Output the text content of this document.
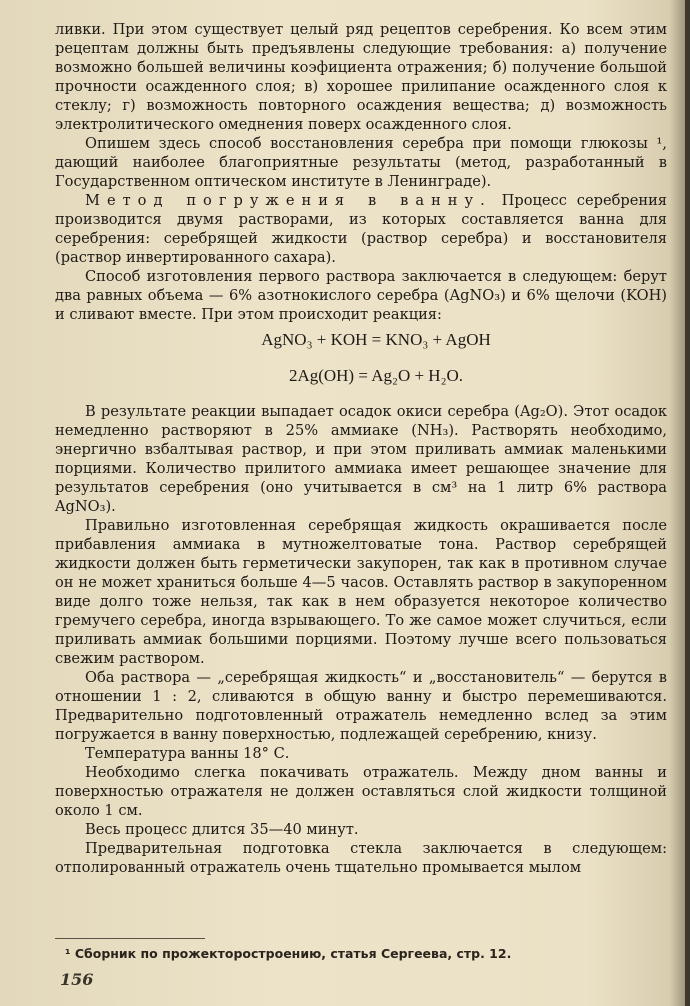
ливки. При этом существует целый ряд рецептов серебрения. Ко всем этим рецептам должны быть предъявлены следующие требования: а) получение возможно большей величины коэфициента отражения; б) получение большой прочности осажденного слоя; в) хорошее прилипание осажденного слоя к стеклу; г) возможность повторного осаждения вещества; д) возможность электролитического омеднения поверх осажденного слоя.

Опишем здесь способ восстановления серебра при помощи глюкозы ¹, дающий наиболее благоприятные результаты (метод, разработанный в Государственном оптическом институте в Ленинграде).

Метод погружения в ванну. Процесс серебрения производится двумя растворами, из которых составляется ванна для серебрения: серебрящей жидкости (раствор серебра) и восстановителя (раствор инвертированного сахара).

Способ изготовления первого раствора заключается в следующем: берут два равных объема — 6% азотнокислого серебра (AgNO₃) и 6% щелочи (KOH) и сливают вместе. При этом происходит реакция:

AgNO₃ + KOH = KNO₃ + AgOH
2Ag(OH) = Ag₂O + H₂O.

В результате реакции выпадает осадок окиси серебра (Ag₂O). Этот осадок немедленно растворяют в 25% аммиаке (NH₃). Растворять необходимо, энергично взбалтывая раствор, и при этом приливать аммиак маленькими порциями. Количество прилитого аммиака имеет решающее значение для результатов серебрения (оно учитывается в см³ на 1 литр 6% раствора AgNO₃).

Правильно изготовленная серебрящая жидкость окрашивается после прибавления аммиака в мутножелтоватые тона. Раствор серебрящей жидкости должен быть герметически закупорен, так как в противном случае он не может храниться больше 4—5 часов. Оставлять раствор в закупоренном виде долго тоже нельзя, так как в нем образуется некоторое количество гремучего серебра, иногда взрывающего. То же самое может случиться, если приливать аммиак большими порциями. Поэтому лучше всего пользоваться свежим раствором.

Оба раствора — „серебрящая жидкость“ и „восстановитель“ — берутся в отношении 1 : 2, сливаются в общую ванну и быстро перемешиваются. Предварительно подготовленный отражатель немедленно вслед за этим погружается в ванну поверхностью, подлежащей серебрению, книзу.

Температура ванны 18° С.

Необходимо слегка покачивать отражатель. Между дном ванны и поверхностью отражателя не должен оставляться слой жидкости толщиной около 1 см.

Весь процесс длится 35—40 минут.

Предварительная подготовка стекла заключается в следующем: отполированный отражатель очень тщательно промывается мылом

¹ Сборник по прожекторостроению, статья Сергеева, стр. 12.
156
